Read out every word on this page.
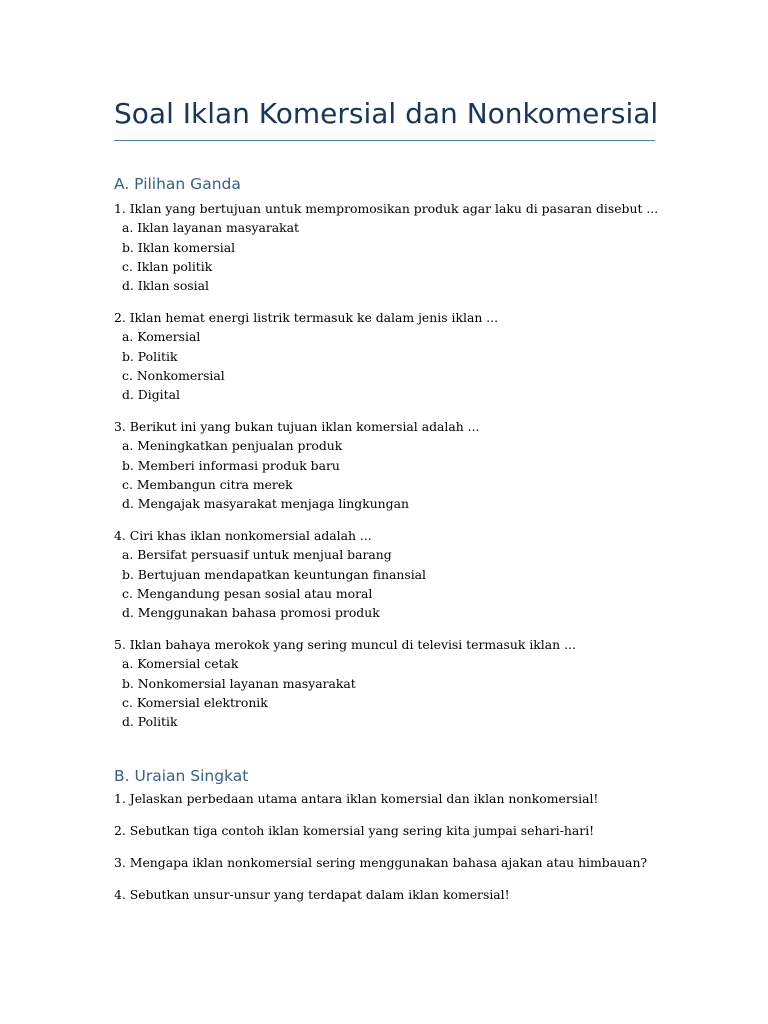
Soal Iklan Komersial dan Nonkomersial
A. Pilihan Ganda
1. Iklan yang bertujuan untuk mempromosikan produk agar laku di pasaran disebut ...
a. Iklan layanan masyarakat
b. Iklan komersial
c. Iklan politik
d. Iklan sosial
2. Iklan hemat energi listrik termasuk ke dalam jenis iklan ...
a. Komersial
b. Politik
c. Nonkomersial
d. Digital
3. Berikut ini yang bukan tujuan iklan komersial adalah ...
a. Meningkatkan penjualan produk
b. Memberi informasi produk baru
c. Membangun citra merek
d. Mengajak masyarakat menjaga lingkungan
4. Ciri khas iklan nonkomersial adalah ...
a. Bersifat persuasif untuk menjual barang
b. Bertujuan mendapatkan keuntungan finansial
c. Mengandung pesan sosial atau moral
d. Menggunakan bahasa promosi produk
5. Iklan bahaya merokok yang sering muncul di televisi termasuk iklan ...
a. Komersial cetak
b. Nonkomersial layanan masyarakat
c. Komersial elektronik
d. Politik
B. Uraian Singkat
1. Jelaskan perbedaan utama antara iklan komersial dan iklan nonkomersial!
2. Sebutkan tiga contoh iklan komersial yang sering kita jumpai sehari-hari!
3. Mengapa iklan nonkomersial sering menggunakan bahasa ajakan atau himbauan?
4. Sebutkan unsur-unsur yang terdapat dalam iklan komersial!
